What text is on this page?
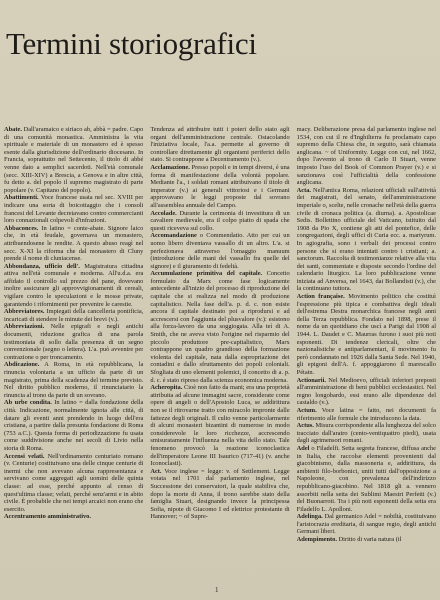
Termini storiografici

Abate. Dall'aramaico e siriaco ab, abbà = padre. Capo di una comunità monastica. Amministra la vita spirituale e materiale di un monastero ed è spesso esente dalla giurisdizione dell'ordinario diocesano. In Francia, soprattutto nel Settecento, il titolo di abbé venne dato a semplici sacerdoti. Nell'età comunale (secc. XIII-XIV) a Brescia, a Genova e in altre città, fu detto a. del popolo il supremo magistrato di parte popolare (v. Capitano del popolo).

Abattimenti. Voce francese usata nel sec. XVIII per indicare una sorta di boicottaggio che i consoli francesi del Levante decretavano contro commercianti loro connazionali colpevoli d'infrazioni.

Abbaconces. In latino = conte-abate. Signore laico che, in età feudale, governava un monastero, attribuendosene le rendite. A questo abuso reagì nel secc. X-XI la riforma che dal monastero di Cluny prende il nome di cluniacense.

Abbondanza, ufficio dell'. Magistratura cittadina attiva nell'età comunale e moderna. All'u.d.a. era affidato il controllo sul prezzo del pane, dovevano inoltre assicurare gli approvvigionamenti di cereali, vigilare contro le speculazioni e le mosse private, garantendo i rifornimenti per prevenire le carestie.

Abbreviatores. Impiegati della cancelleria pontificia, incaricati di stendere le minute dei brevi (v.).

Abbreviazioni. Nelle epigrafi e negli antichi documenti, riduzione grafica di una parola testimoniata di sollo dalla presenza di un segno convenzionale (segno o lettera). L'a. può avvenire per contrazione o per troncamento.

Abdicazione. A Roma, in età repubblicana, la rinuncia volontaria a un ufficio da parte di un magistrato, prima della scadenza del termine previsto. Nel diritto pubblico moderno, il rinunciatario la rinuncia al trono da parte di un sovrano.

Ab urbe condita. In latino = dalla fondazione della città. Indicazione, normalmente ignota alle città, di datare gli eventi anni prendendo in luogo dell'era cristiana, a partire dalla presunta fondazione di Roma (753 a.C.). Questa forma di periodizzazione fu usata come suddivisione anche nei secoli di Livio nella storia di Roma.

Accensi velati. Nell'ordinamento centuriato romano (v. Centurie) costituivano una delle cinque centurie di inermi che non avevano alcuna rappresentanza e servivano come aggregati agli uomini delle quinta classe: ad esse, perché appunto al censo di quest'ultima classe; velati, perché senz'armi e in abito civile. È probabile che nei tempi arcaici non erano che esercito.

Accentramento amministrativo.

Tendenza ad attribuire tutti i poteri dello stato agli organi dell'amministrazione centrale. Ostacolando l'iniziativa locale, l'a.a. permette al governo di controllare direttamente gli organismi periferici dello stato. Si contrappone a Decentramento (v.).

Acclamazione. Presso popoli e in tempi diversi, è una forma di manifestazione della volontà popolare. Mediante l'a., i soldati romani attribuivano il titolo di imperator (v.) ai generali vittoriosi e i Germani approvavano le leggi proposte dal sovrano all'assemblea annuale del Campo.

Accolade. Durante la cerimonia di investitura di un cavaliere medievale, era il colpo piatto di spada che questi riceveva sul collo.

Accomandazione o Commendatio. Atto per cui un uomo libero diventava vassallo di un altro. L'a. si perfezionava attraverso l'omaggio manuum (introduzione delle mani del vassallo fra quelle del signore) e il giuramento di fedeltà.

Accumulazione primitiva del capitale. Concetto formulato da Marx come fase logicamente antecedente all'inizio del processo di riproduzione del capitale che si realizza nel modo di produzione capitalistico. Nella fase dell'a. p. d. c. non esiste ancora il capitale destinato poi a riprodursi e ad accrescersi con l'aggiunta del plusvalore (v.): esistono alla forza-lavoro da una soggiogata. Alla teì di A. Smith, che ne aveva visto l'origine nel risparmio del piccolo produttore pre-capitalistico, Marx contrappone un quadro grandioso della formazione violenta del capitale, nata dalla espropriazione dei contadini e dallo sfruttamento dei popoli coloniali. Sfogliata di uno elementi polemici, il concetto di a. p. d. c. è stato ripreso dalla scienza economica moderna.

Acheropita. Cioè non fatto da mani; era una proprietà attribuita ad alcune immagini sacre, considerate come opere di angeli o dell'Apostolo Luca, se addirittura non se il ritrovarne tratto con miracolo impronte dalle fattezze degli originali. Il culto venne particolarmente di alcuni monasteri bizantini di numerose in modo considerevole le loro ricchezze, accrescendo smisuratamente l'influenza nella vita dello stato. Tale fenomeno provocò la reazione iconoclastica dell'imperatore Leone III Isaurico (717-41) (v. anche Iconoclasti).

Act. Voce inglese = legge: v. of Settlement. Legge votata nel 1701 dal parlamento inglese, nel Successione dei conservatori, la quale stabiliva che, dopo la morte di Anna, il trono sarebbe stato della famiglia Stuart, designando invece la principessa Sofia, nipote di Giacomo I ed elettrice protestante di Hannover; ~ of Supre-

macy. Deliberazione presa dal parlamento inglese nel 1534, con cui il re d'Inghilterra fu proclamato capo supremo della Chiesa che, in seguito, sarà chiamata anglicana. ~ of Uniformity. Legge con cui, nel 1662, dopo l'avvento al trono di Carlo II Stuart, venne imposto l'uso del Book of Common Prayer (v.) e si sanzionava così l'ufficialità della confessione anglicana.

Acta. Nell'antica Roma, relazioni ufficiali sull'attività dei magistrati, del senato, dell'amministrazione imperiale o, scelte, nelle cronache nell'età della guerra civile di cronaca politica (a. diurna). a. Apostolicae Sedis. Bollettino ufficiale del Vaticano, istituito dal 1908 da Pio X, contiene gli atti del pontefice, delle congregazioni, degli uffici di Curia ecc. a. martyrum. In agiografia, sono i verbali dei processi contro persone che si erano intentati contro i cristiani; a. sanctorum. Raccolta di testimonianze relative alla vita dei santi, commentate e disposte secondo l'ordine del calendario liturgico. La loro pubblicazione venne iniziata ad Anversa, nel 1643, dai Bollandisti (v.), che la continuano tuttora.

Action française. Movimento politico che costituì l'espressione più tipica e combattiva degli ideali dell'estrema Destra monarchica francese negli anni della Terza repubblica. Fondato nel 1898, prese il nome da un quotidiano che uscì a Parigi dal 1908 al 1944. L. Daudet e C. Maurras furono i suoi più noti esponenti. Di tendenze clericali, oltre che nazionalistiche e antiparlamentari, il movimento fu però condannato nel 1926 dalla Santa Sede. Nel 1940, gli epigoni dell'A. f. appoggiarono il marescallo Pétain.

Actionarii. Nel Medioevo, ufficiali inferiori preposti all'amministrazione di beni pubblici ecclesiastici. Nel regno longobardo, essi erano alle dipendenze del castaldo (v.).

Actum. Voce latina = fatto, nei documenti fa riferimento alle formule che introducono la data.

Actus. Misura corrispondente alla lunghezza del solco tracciato dall'aratro (cento-ventiquattro piedi), usata dagli agrimensori romani.

Adel o Filadelfi. Setta segreta francese, diffusa anche in Italia, che raccolse elementi provenienti dal giacobinismo, dalla massoneria e, addirittura, da ambienti filo-borbonici, uniti tutti dall'opposizione a Napoleone, con prevalenza dell'indirizzo repubblicano-giacobino. Nel 1818 gli a. vennero assorbiti nella setta dei Sublimi Maestri Perfetti (v.) del Buonarroti. Tra i più noti esponenti della setta era Filadelfo L. Apolloni.

Adelinga. Dal germanico Adel = nobiltà, costituivano l'aristocrazia ereditaria, di sangue regio, degli antichi Germani liberi.

Adempimento. Diritto di varia natura (il

1
